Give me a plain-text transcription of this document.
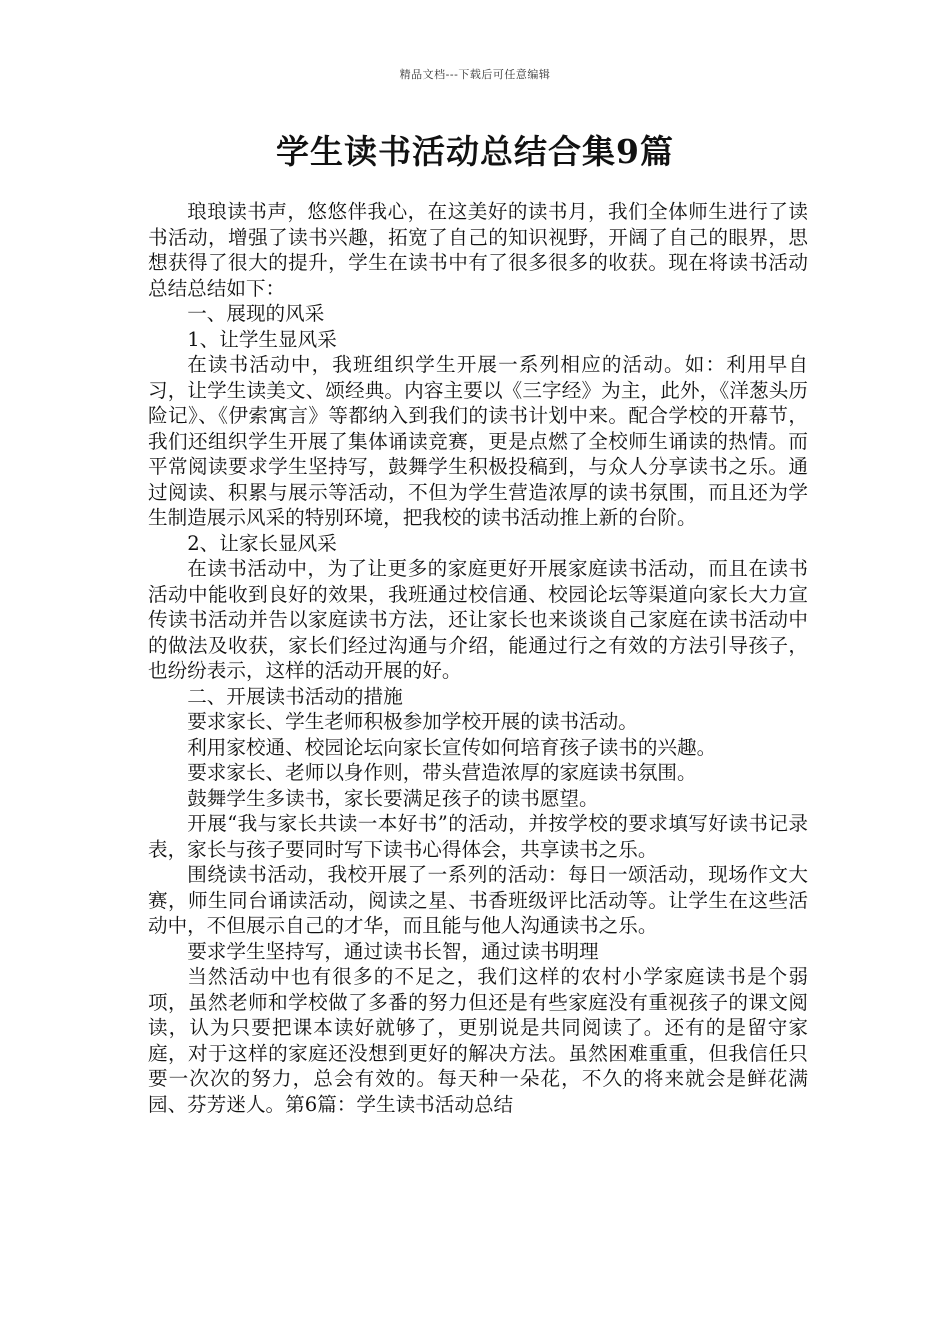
精品文档---下载后可任意编辑
学生读书活动总结合集9篇

琅琅读书声，悠悠伴我心，在这美好的读书月，我们全体师生进行了读书活动，增强了读书兴趣，拓宽了自己的知识视野，开阔了自己的眼界，思想获得了很大的提升，学生在读书中有了很多很多的收获。现在将读书活动总结总结如下：

一、展现的风采

1、让学生显风采

在读书活动中，我班组织学生开展一系列相应的活动。如：利用早自习，让学生读美文、颂经典。内容主要以《三字经》为主，此外，《洋葱头历险记》、《伊索寓言》等都纳入到我们的读书计划中来。配合学校的开幕节，我们还组织学生开展了集体诵读竞赛，更是点燃了全校师生诵读的热情。而平常阅读要求学生坚持写，鼓舞学生积极投稿到，与众人分享读书之乐。通过阅读、积累与展示等活动，不但为学生营造浓厚的读书氛围，而且还为学生制造展示风采的特别环境，把我校的读书活动推上新的台阶。

2、让家长显风采

在读书活动中，为了让更多的家庭更好开展家庭读书活动，而且在读书活动中能收到良好的效果，我班通过校信通、校园论坛等渠道向家长大力宣传读书活动并告以家庭读书方法，还让家长也来谈谈自己家庭在读书活动中的做法及收获，家长们经过沟通与介绍，能通过行之有效的方法引导孩子，也纷纷表示，这样的活动开展的好。

二、开展读书活动的措施

要求家长、学生老师积极参加学校开展的读书活动。

利用家校通、校园论坛向家长宣传如何培育孩子读书的兴趣。

要求家长、老师以身作则，带头营造浓厚的家庭读书氛围。

鼓舞学生多读书，家长要满足孩子的读书愿望。

开展“我与家长共读一本好书”的活动，并按学校的要求填写好读书记录表，家长与孩子要同时写下读书心得体会，共享读书之乐。

围绕读书活动，我校开展了一系列的活动：每日一颂活动，现场作文大赛，师生同台诵读活动，阅读之星、书香班级评比活动等。让学生在这些活动中，不但展示自己的才华，而且能与他人沟通读书之乐。

要求学生坚持写，通过读书长智，通过读书明理

当然活动中也有很多的不足之，我们这样的农村小学家庭读书是个弱项，虽然老师和学校做了多番的努力但还是有些家庭没有重视孩子的课文阅读，认为只要把课本读好就够了，更别说是共同阅读了。还有的是留守家庭，对于这样的家庭还没想到更好的解决方法。虽然困难重重，但我信任只要一次次的努力，总会有效的。每天种一朵花，不久的将来就会是鲜花满园、芬芳迷人。第6篇：学生读书活动总结
